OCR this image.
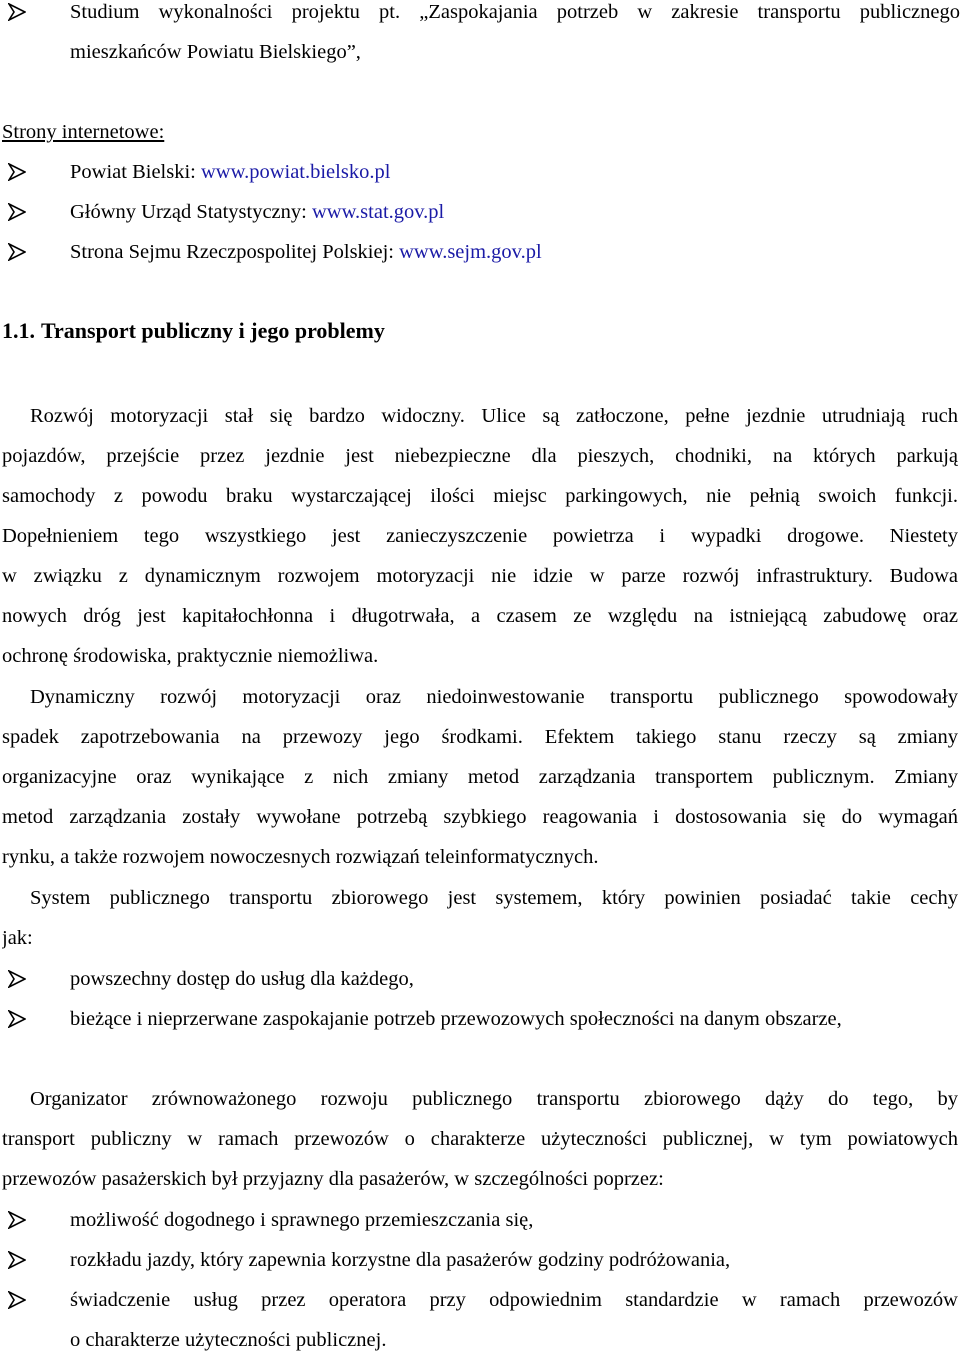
Studium wykonalności projektu pt. „Zaspokajania potrzeb w zakresie transportu publicznego
mieszkańców Powiatu Bielskiego”,
Strony internetowe:
Powiat Bielski: www.powiat.bielsko.pl
Główny Urząd Statystyczny: www.stat.gov.pl
Strona Sejmu Rzeczpospolitej Polskiej: www.sejm.gov.pl
1.1. Transport publiczny i jego problemy

Rozwój motoryzacji stał się bardzo widoczny. Ulice są zatłoczone, pełne jezdnie utrudniają ruch
pojazdów, przejście przez jezdnie jest niebezpieczne dla pieszych, chodniki, na których parkują
samochody z powodu braku wystarczającej ilości miejsc parkingowych, nie pełnią swoich funkcji.
Dopełnieniem tego wszystkiego jest zanieczyszczenie powietrza i wypadki drogowe. Niestety
w związku z dynamicznym rozwojem motoryzacji nie idzie w parze rozwój infrastruktury. Budowa
nowych dróg jest kapitałochłonna i długotrwała, a czasem ze względu na istniejącą zabudowę oraz
ochronę środowiska, praktycznie niemożliwa.

Dynamiczny rozwój motoryzacji oraz niedoinwestowanie transportu publicznego spowodowały
spadek zapotrzebowania na przewozy jego środkami. Efektem takiego stanu rzeczy są zmiany
organizacyjne oraz wynikające z nich zmiany metod zarządzania transportem publicznym. Zmiany
metod zarządzania zostały wywołane potrzebą szybkiego reagowania i dostosowania się do wymagań
rynku, a także rozwojem nowoczesnych rozwiązań teleinformatycznych.

System publicznego transportu zbiorowego jest systemem, który powinien posiadać takie cechy
jak:

powszechny dostęp do usług dla każdego,
bieżące i nieprzerwane zaspokajanie potrzeb przewozowych społeczności na danym obszarze,

Organizator zrównoważonego rozwoju publicznego transportu zbiorowego dąży do tego, by
transport publiczny w ramach przewozów o charakterze użyteczności publicznej, w tym powiatowych
przewozów pasażerskich był przyjazny dla pasażerów, w szczególności poprzez:

możliwość dogodnego i sprawnego przemieszczania się,
rozkładu jazdy, który zapewnia korzystne dla pasażerów godziny podróżowania,
świadczenie usług przez operatora przy odpowiednim standardzie w ramach przewozów
o charakterze użyteczności publicznej.
